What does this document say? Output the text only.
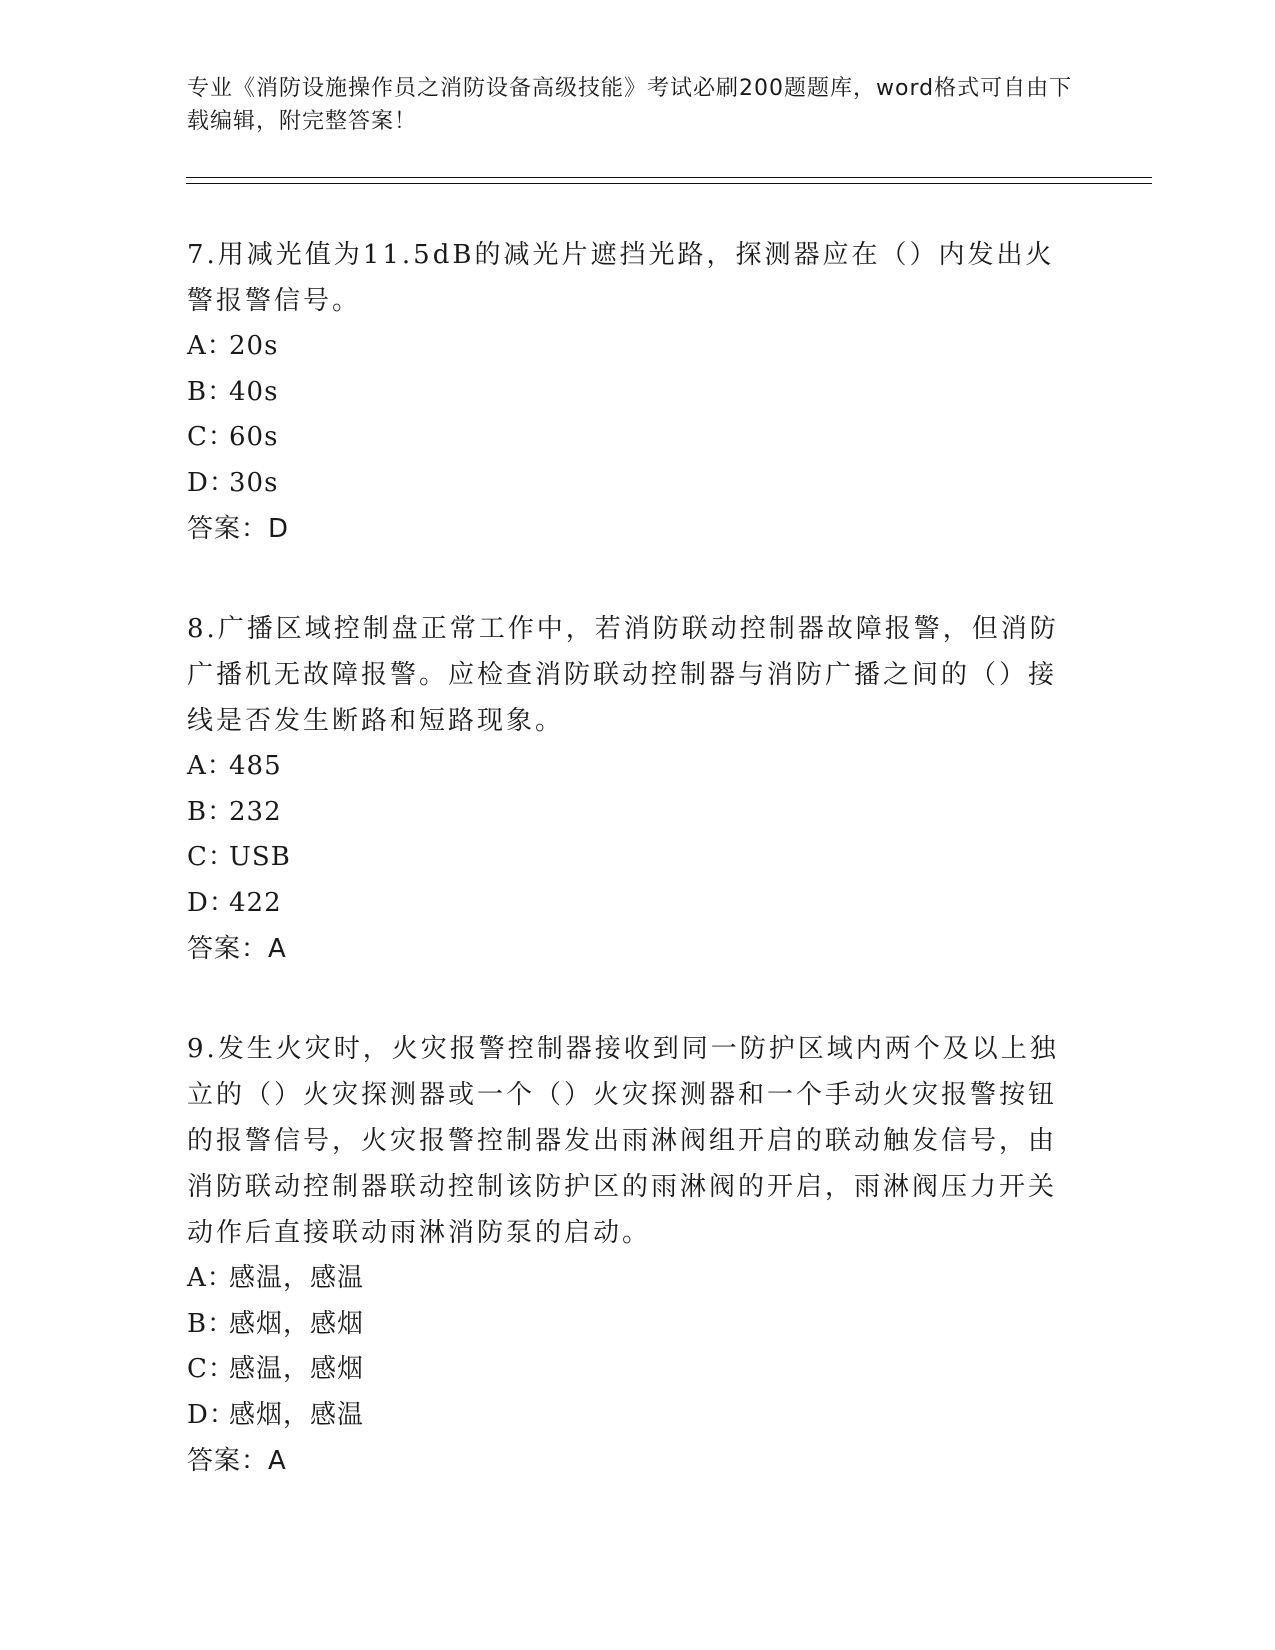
专业《消防设施操作员之消防设备高级技能》考试必刷200题题库，word格式可自由下载编辑，附完整答案！

7.用减光值为11.5dB的减光片遮挡光路，探测器应在（）内发出火警报警信号。

A：20s

B：40s

C：60s

D：30s

答案：D

8.广播区域控制盘正常工作中，若消防联动控制器故障报警，但消防广播机无故障报警。应检查消防联动控制器与消防广播之间的（）接线是否发生断路和短路现象。

A：485

B：232

C：USB

D：422

答案：A

9.发生火灾时，火灾报警控制器接收到同一防护区域内两个及以上独立的（）火灾探测器或一个（）火灾探测器和一个手动火灾报警按钮的报警信号，火灾报警控制器发出雨淋阀组开启的联动触发信号，由消防联动控制器联动控制该防护区的雨淋阀的开启，雨淋阀压力开关动作后直接联动雨淋消防泵的启动。

A：感温，感温

B：感烟，感烟

C：感温，感烟

D：感烟，感温

答案：A
